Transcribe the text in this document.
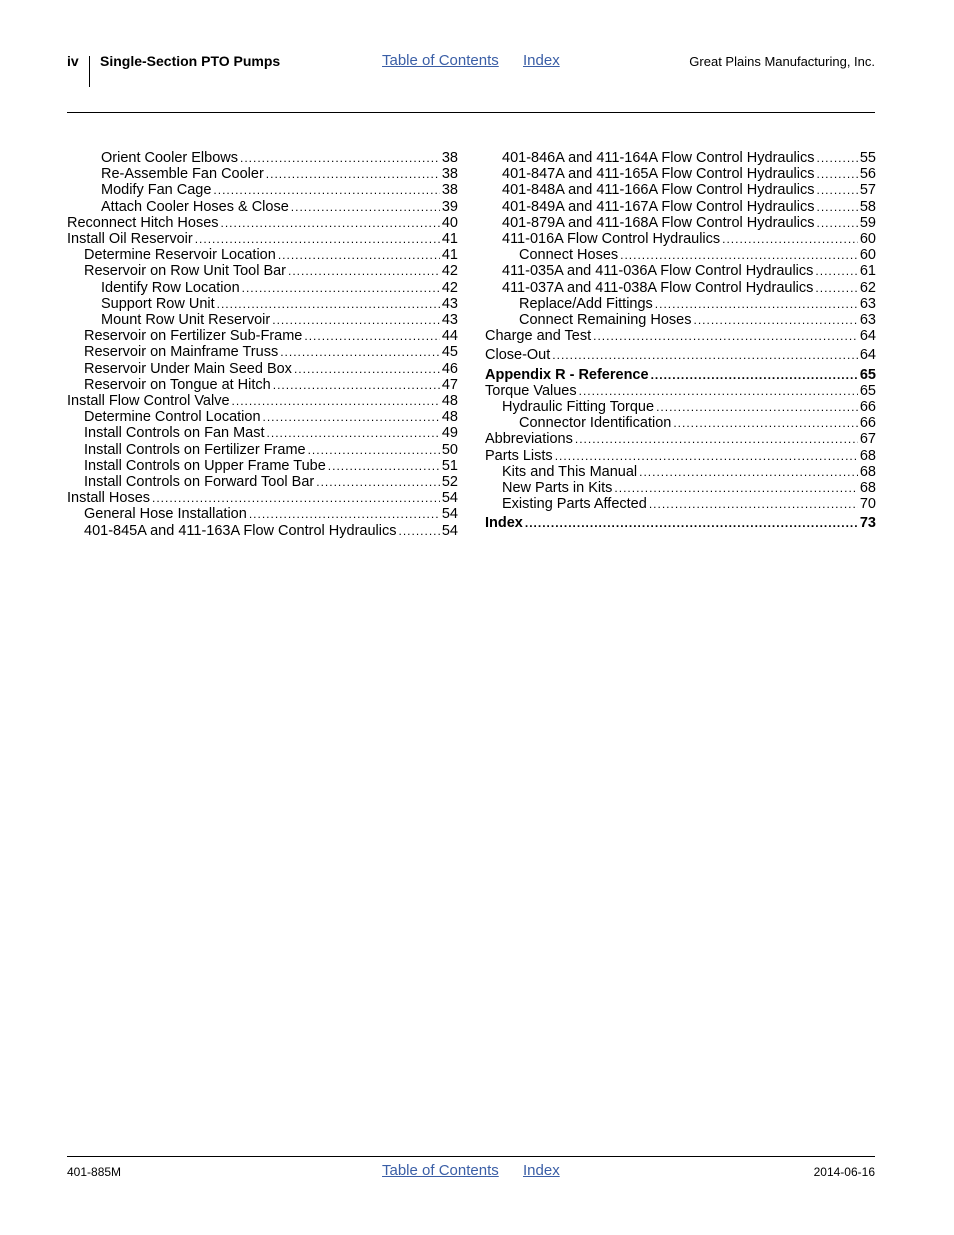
iv Single-Section PTO Pumps	Table of Contents Index	Great Plains Manufacturing, Inc.
Orient Cooler Elbows .....	38
Re-Assemble Fan Cooler .....	38
Modify Fan Cage .....	38
Attach Cooler Hoses & Close .....	39
Reconnect Hitch Hoses .....	40
Install Oil Reservoir .....	41
Determine Reservoir Location .....	41
Reservoir on Row Unit Tool Bar .....	42
Identify Row Location .....	42
Support Row Unit .....	43
Mount Row Unit Reservoir .....	43
Reservoir on Fertilizer Sub-Frame .....	44
Reservoir on Mainframe Truss .....	45
Reservoir Under Main Seed Box .....	46
Reservoir on Tongue at Hitch .....	47
Install Flow Control Valve .....	48
Determine Control Location .....	48
Install Controls on Fan Mast .....	49
Install Controls on Fertilizer Frame .....	50
Install Controls on Upper Frame Tube .....	51
Install Controls on Forward Tool Bar .....	52
Install Hoses .....	54
General Hose Installation .....	54
401-845A and 411-163A Flow Control Hydraulics .....	54
401-846A and 411-164A Flow Control Hydraulics .....	55
401-847A and 411-165A Flow Control Hydraulics .....	56
401-848A and 411-166A Flow Control Hydraulics .....	57
401-849A and 411-167A Flow Control Hydraulics .....	58
401-879A and 411-168A Flow Control Hydraulics .....	59
411-016A Flow Control Hydraulics .....	60
Connect Hoses .....	60
411-035A and 411-036A Flow Control Hydraulics .....	61
411-037A and 411-038A Flow Control Hydraulics .....	62
Replace/Add Fittings .....	63
Connect Remaining Hoses .....	63
Charge and Test .....	64
Close-Out .....	64
Appendix R - Reference .....	65
Torque Values .....	65
Hydraulic Fitting Torque .....	66
Connector Identification .....	66
Abbreviations .....	67
Parts Lists .....	68
Kits and This Manual .....	68
New Parts in Kits .....	68
Existing Parts Affected .....	70
Index .....	73
401-885M	Table of Contents Index	2014-06-16
